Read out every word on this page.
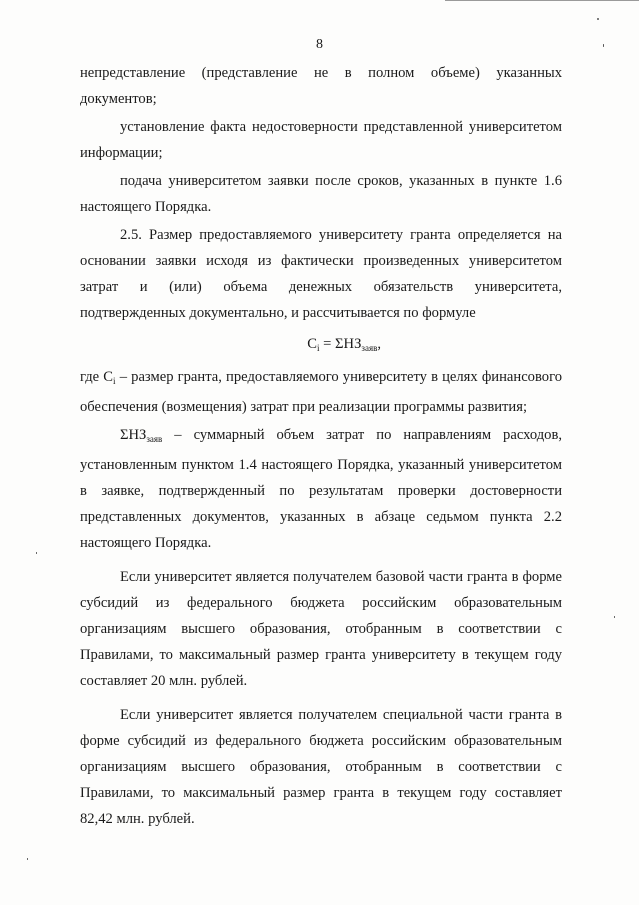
8

непредставление (представление не в полном объеме) указанных документов;

установление факта недостоверности представленной университетом информации;

подача университетом заявки после сроков, указанных в пункте 1.6 настоящего Порядка.

2.5. Размер предоставляемого университету гранта определяется на основании заявки исходя из фактически произведенных университетом затрат и (или) объема денежных обязательств университета, подтвержденных документально, и рассчитывается по формуле

$C_i = \Sigma НЗ_{заяв}$,

где $C_i$ – размер гранта, предоставляемого университету в целях финансового обеспечения (возмещения) затрат при реализации программы развития;

$\Sigma НЗ_{заяв}$ – суммарный объем затрат по направлениям расходов, установленным пунктом 1.4 настоящего Порядка, указанный университетом в заявке, подтвержденный по результатам проверки достоверности представленных документов, указанных в абзаце седьмом пункта 2.2 настоящего Порядка.

Если университет является получателем базовой части гранта в форме субсидий из федерального бюджета российским образовательным организациям высшего образования, отобранным в соответствии с Правилами, то максимальный размер гранта университету в текущем году составляет 20 млн. рублей.

Если университет является получателем специальной части гранта в форме субсидий из федерального бюджета российским образовательным организациям высшего образования, отобранным в соответствии с Правилами, то максимальный размер гранта в текущем году составляет 82,42 млн. рублей.
